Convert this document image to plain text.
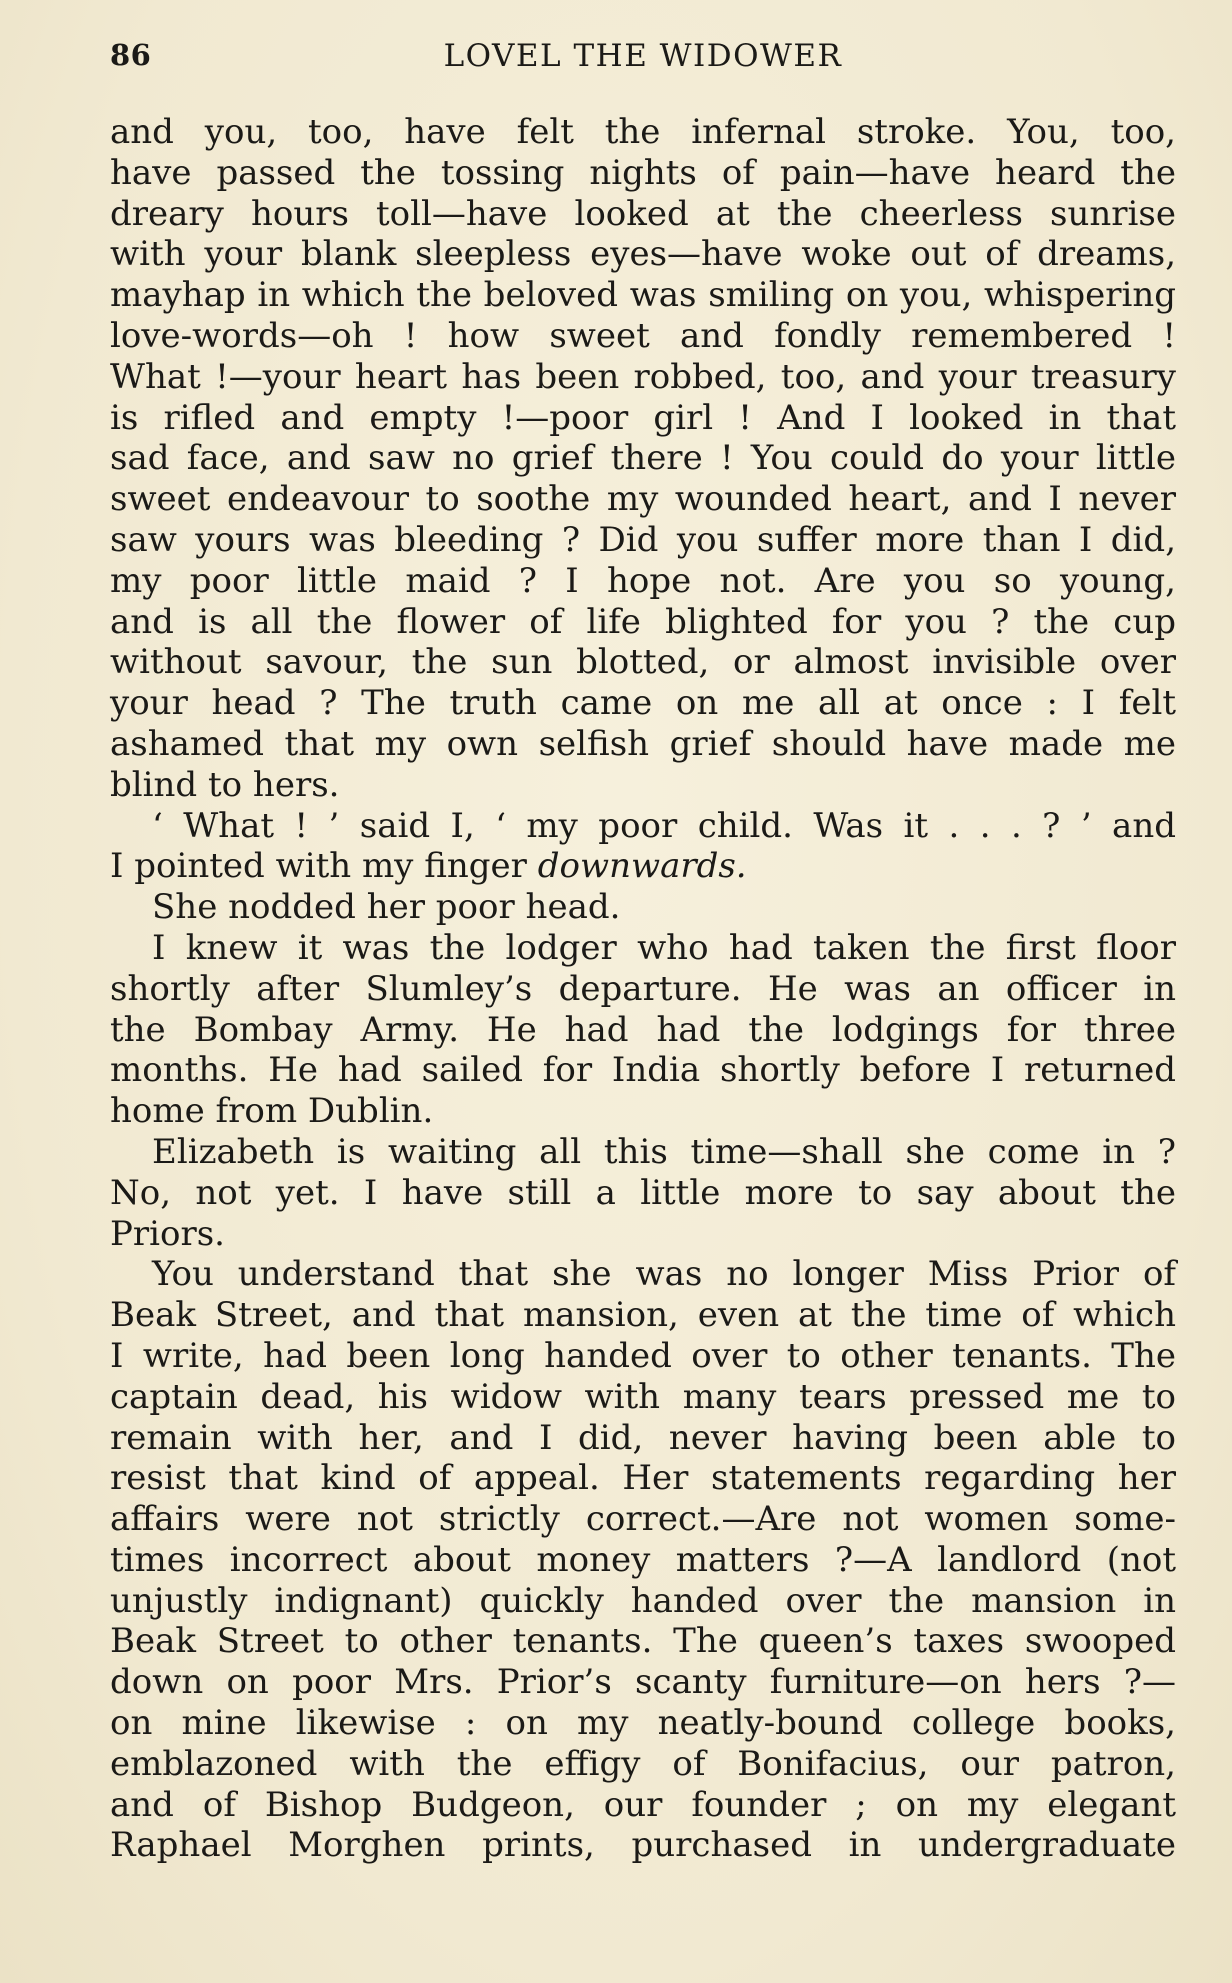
86	LOVEL THE WIDOWER
and you, too, have felt the infernal stroke. You, too,
have passed the tossing nights of pain—have heard the
dreary hours toll—have looked at the cheerless sunrise
with your blank sleepless eyes—have woke out of dreams,
mayhap in which the beloved was smiling on you, whispering
love-words—oh ! how sweet and fondly remembered !
What !—your heart has been robbed, too, and your treasury
is rifled and empty !—poor girl ! And I looked in that
sad face, and saw no grief there ! You could do your little
sweet endeavour to soothe my wounded heart, and I never
saw yours was bleeding ? Did you suffer more than I did,
my poor little maid ? I hope not. Are you so young,
and is all the flower of life blighted for you ? the cup
without savour, the sun blotted, or almost invisible over
your head ? The truth came on me all at once : I felt
ashamed that my own selfish grief should have made me
blind to hers.
‘ What ! ’ said I, ‘ my poor child. Was it . . . ? ’ and
I pointed with my finger downwards.
She nodded her poor head.
I knew it was the lodger who had taken the first floor
shortly after Slumley’s departure. He was an officer in
the Bombay Army. He had had the lodgings for three
months. He had sailed for India shortly before I returned
home from Dublin.
Elizabeth is waiting all this time—shall she come in ?
No, not yet. I have still a little more to say about the
Priors.
You understand that she was no longer Miss Prior of
Beak Street, and that mansion, even at the time of which
I write, had been long handed over to other tenants. The
captain dead, his widow with many tears pressed me to
remain with her, and I did, never having been able to
resist that kind of appeal. Her statements regarding her
affairs were not strictly correct.—Are not women some-
times incorrect about money matters ?—A landlord (not
unjustly indignant) quickly handed over the mansion in
Beak Street to other tenants. The queen’s taxes swooped
down on poor Mrs. Prior’s scanty furniture—on hers ?—
on mine likewise : on my neatly-bound college books,
emblazoned with the effigy of Bonifacius, our patron,
and of Bishop Budgeon, our founder ; on my elegant
Raphael Morghen prints, purchased in undergraduate
